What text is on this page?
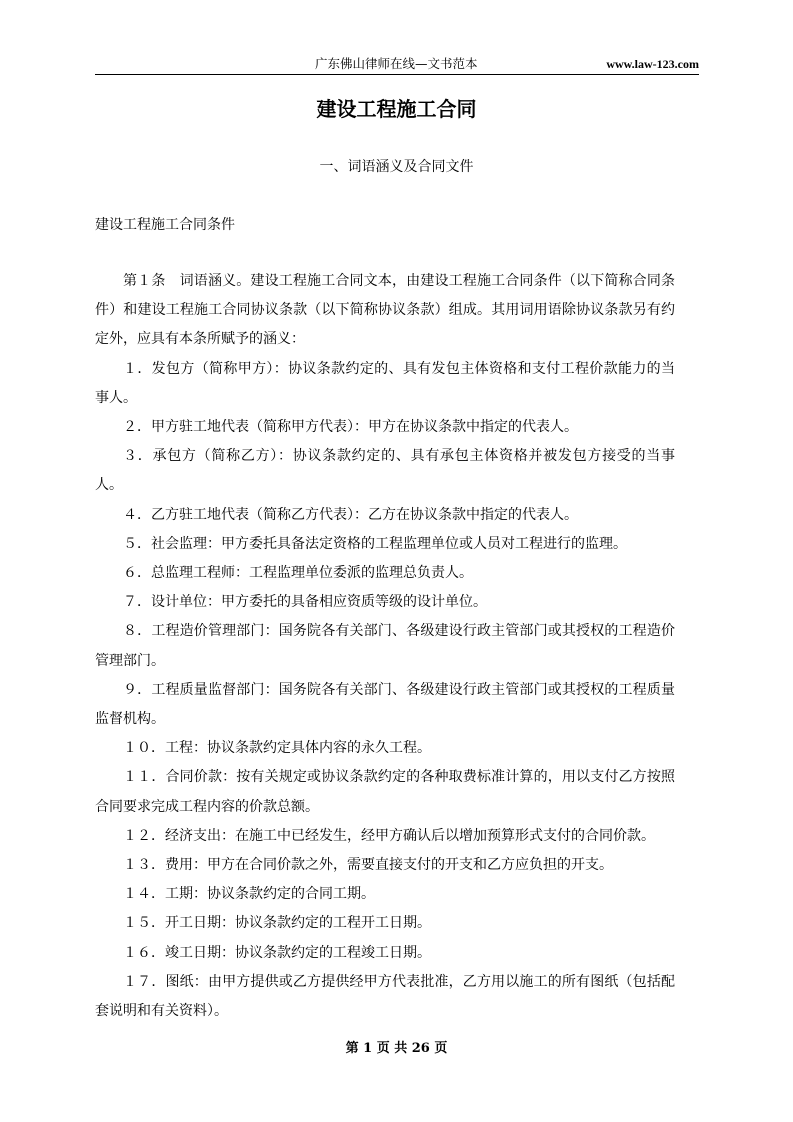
广东佛山律师在线—文书范本	www.law-123.com
建设工程施工合同
一、词语涵义及合同文件
建设工程施工合同条件

第１条　词语涵义。建设工程施工合同文本，由建设工程施工合同条件（以下简称合同条件）和建设工程施工合同协议条款（以下简称协议条款）组成。其用词用语除协议条款另有约定外，应具有本条所赋予的涵义：

１．发包方（简称甲方）：协议条款约定的、具有发包主体资格和支付工程价款能力的当事人。

２．甲方驻工地代表（简称甲方代表）：甲方在协议条款中指定的代表人。

３．承包方（简称乙方）：协议条款约定的、具有承包主体资格并被发包方接受的当事人。

４．乙方驻工地代表（简称乙方代表）：乙方在协议条款中指定的代表人。

５．社会监理：甲方委托具备法定资格的工程监理单位或人员对工程进行的监理。

６．总监理工程师：工程监理单位委派的监理总负责人。

７．设计单位：甲方委托的具备相应资质等级的设计单位。

８．工程造价管理部门：国务院各有关部门、各级建设行政主管部门或其授权的工程造价管理部门。

９．工程质量监督部门：国务院各有关部门、各级建设行政主管部门或其授权的工程质量监督机构。

１０．工程：协议条款约定具体内容的永久工程。

１１．合同价款：按有关规定或协议条款约定的各种取费标准计算的，用以支付乙方按照合同要求完成工程内容的价款总额。

１２．经济支出：在施工中已经发生，经甲方确认后以增加预算形式支付的合同价款。

１３．费用：甲方在合同价款之外，需要直接支付的开支和乙方应负担的开支。

１４．工期：协议条款约定的合同工期。

１５．开工日期：协议条款约定的工程开工日期。

１６．竣工日期：协议条款约定的工程竣工日期。

１７．图纸：由甲方提供或乙方提供经甲方代表批准，乙方用以施工的所有图纸（包括配套说明和有关资料）。

第 1 页 共 26 页
